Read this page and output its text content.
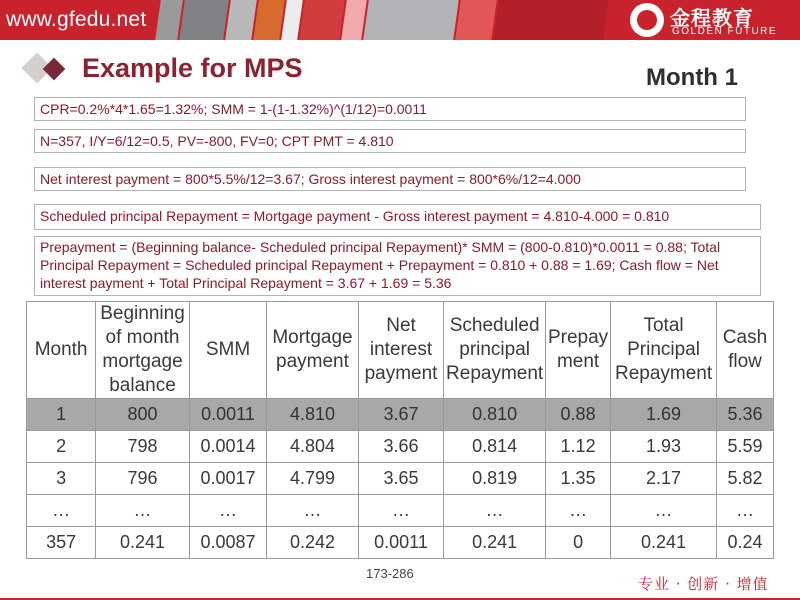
www.gfedu.net	金程教育
GOLDEN FUTURE
Example for MPS	Month 1
CPR=0.2%*4*1.65=1.32%; SMM = 1-(1-1.32%)^(1/12)=0.0011
N=357, I/Y=6/12=0.5, PV=-800, FV=0; CPT PMT = 4.810
Net interest payment = 800*5.5%/12=3.67; Gross interest payment = 800*6%/12=4.000
Scheduled principal Repayment = Mortgage payment - Gross interest payment = 4.810-4.000 = 0.810
Prepayment = (Beginning balance- Scheduled principal Repayment)* SMM = (800-0.810)*0.0011 = 0.88; Total Principal Repayment = Scheduled principal Repayment + Prepayment = 0.810 + 0.88 = 1.69; Cash flow = Net interest payment + Total Principal Repayment = 3.67 + 1.69 = 5.36
Month	Beginning of month mortgage balance	SMM	Mortgage payment	Net interest payment	Scheduled principal Repayment	Prepay ment	Total Principal Repayment	Cash flow
1	800	0.0011	4.810	3.67	0.810	0.88	1.69	5.36
2	798	0.0014	4.804	3.66	0.814	1.12	1.93	5.59
3	796	0.0017	4.799	3.65	0.819	1.35	2.17	5.82
…	…	…	…	…	…	…	…	…
357	0.241	0.0087	0.242	0.0011	0.241	0	0.241	0.24
173-286
专业 · 创新 · 增值
